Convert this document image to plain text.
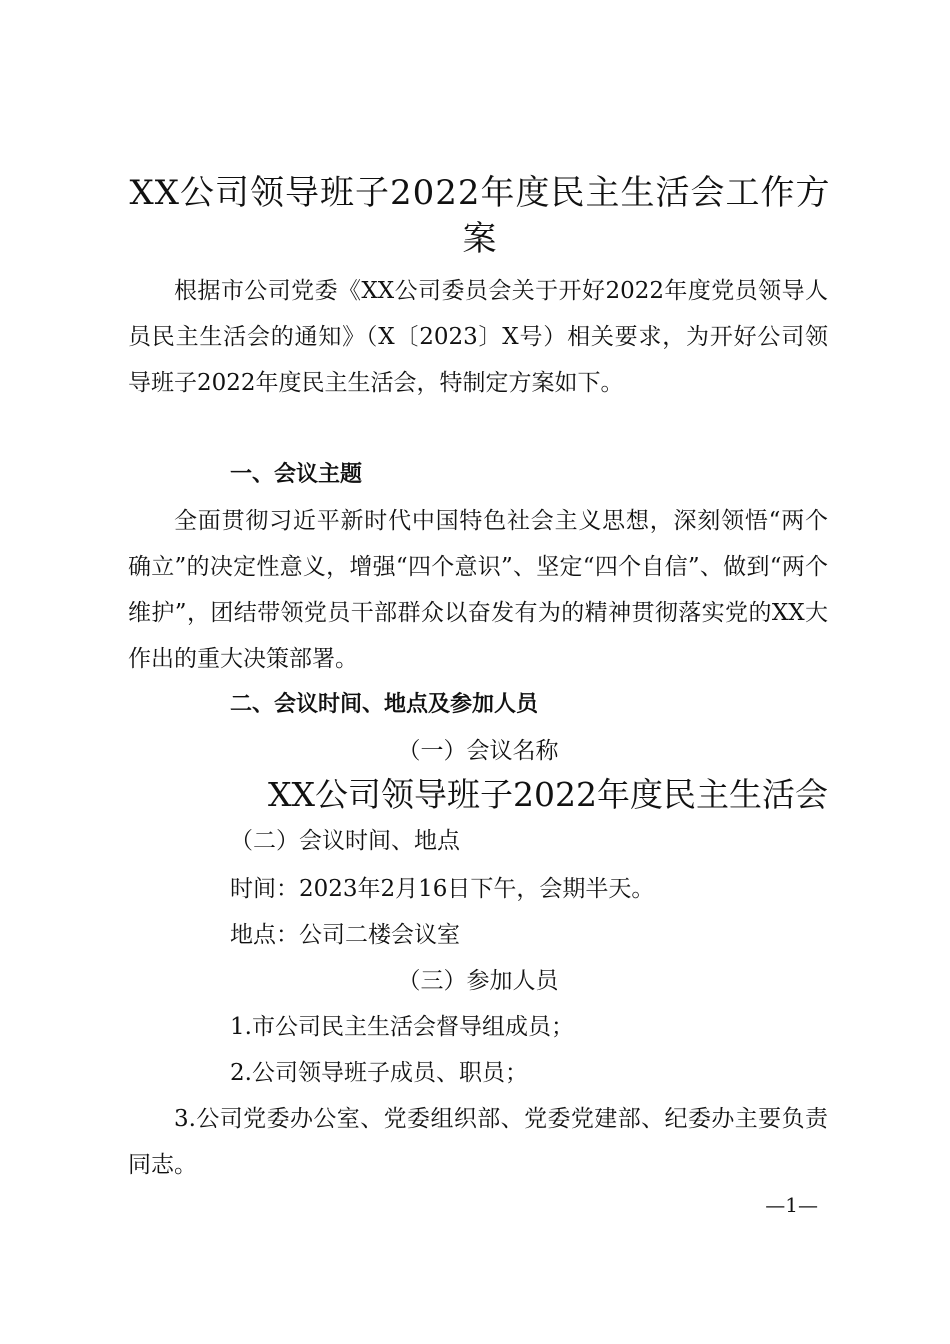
XX公司领导班子2022年度民主生活会工作方
案

根据市公司党委《XX公司委员会关于开好2022年度党员领导人员民主生活会的通知》（X〔2023〕X号）相关要求，为开好公司领导班子2022年度民主生活会，特制定方案如下。

一、会议主题

全面贯彻习近平新时代中国特色社会主义思想，深刻领悟“两个确立”的决定性意义，增强“四个意识”、坚定“四个自信”、做到“两个维护”，团结带领党员干部群众以奋发有为的精神贯彻落实党的XX大作出的重大决策部署。

二、会议时间、地点及参加人员
（一）会议名称
XX公司领导班子2022年度民主生活会
（二）会议时间、地点
时间：2023年2月16日下午，会期半天。
地点：公司二楼会议室
（三）参加人员
1.市公司民主生活会督导组成员；
2.公司领导班子成员、职员；

3.公司党委办公室、党委组织部、党委党建部、纪委办主要负责同志。

—1—
